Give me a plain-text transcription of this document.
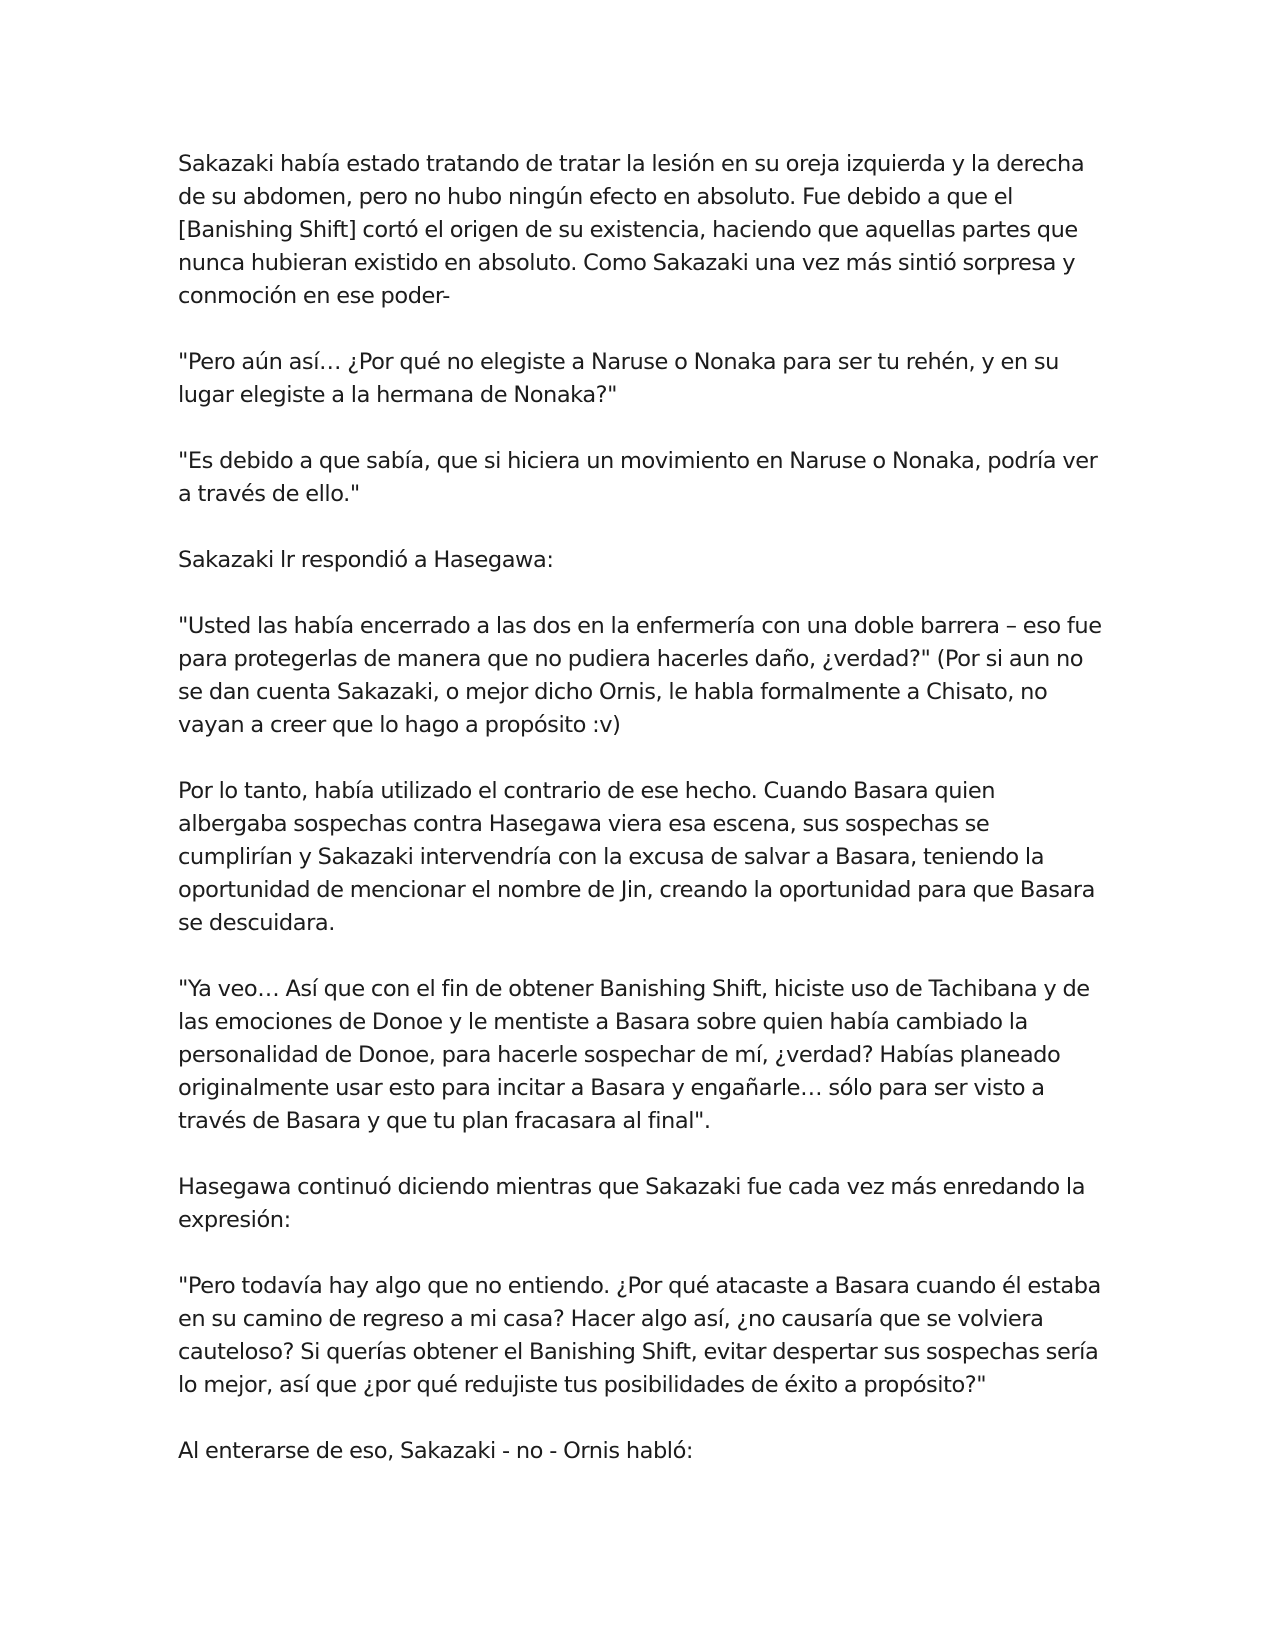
Sakazaki había estado tratando de tratar la lesión en su oreja izquierda y la derecha de su abdomen, pero no hubo ningún efecto en absoluto. Fue debido a que el [Banishing Shift] cortó el origen de su existencia, haciendo que aquellas partes que nunca hubieran existido en absoluto. Como Sakazaki una vez más sintió sorpresa y conmoción en ese poder-

"Pero aún así… ¿Por qué no elegiste a Naruse o Nonaka para ser tu rehén, y en su lugar elegiste a la hermana de Nonaka?"

"Es debido a que sabía, que si hiciera un movimiento en Naruse o Nonaka, podría ver a través de ello."

Sakazaki lr respondió a Hasegawa:

"Usted las había encerrado a las dos en la enfermería con una doble barrera – eso fue para protegerlas de manera que no pudiera hacerles daño, ¿verdad?" (Por si aun no se dan cuenta Sakazaki, o mejor dicho Ornis, le habla formalmente a Chisato, no vayan a creer que lo hago a propósito :v)

Por lo tanto, había utilizado el contrario de ese hecho. Cuando Basara quien albergaba sospechas contra Hasegawa viera esa escena, sus sospechas se cumplirían y Sakazaki intervendría con la excusa de salvar a Basara, teniendo la oportunidad de mencionar el nombre de Jin, creando la oportunidad para que Basara se descuidara.

"Ya veo… Así que con el fin de obtener Banishing Shift, hiciste uso de Tachibana y de las emociones de Donoe y le mentiste a Basara sobre quien había cambiado la personalidad de Donoe, para hacerle sospechar de mí, ¿verdad? Habías planeado originalmente usar esto para incitar a Basara y engañarle… sólo para ser visto a través de Basara y que tu plan fracasara al final".

Hasegawa continuó diciendo mientras que Sakazaki fue cada vez más enredando la expresión:

"Pero todavía hay algo que no entiendo. ¿Por qué atacaste a Basara cuando él estaba en su camino de regreso a mi casa? Hacer algo así, ¿no causaría que se volviera cauteloso? Si querías obtener el Banishing Shift, evitar despertar sus sospechas sería lo mejor, así que ¿por qué redujiste tus posibilidades de éxito a propósito?"

Al enterarse de eso, Sakazaki - no - Ornis habló:
